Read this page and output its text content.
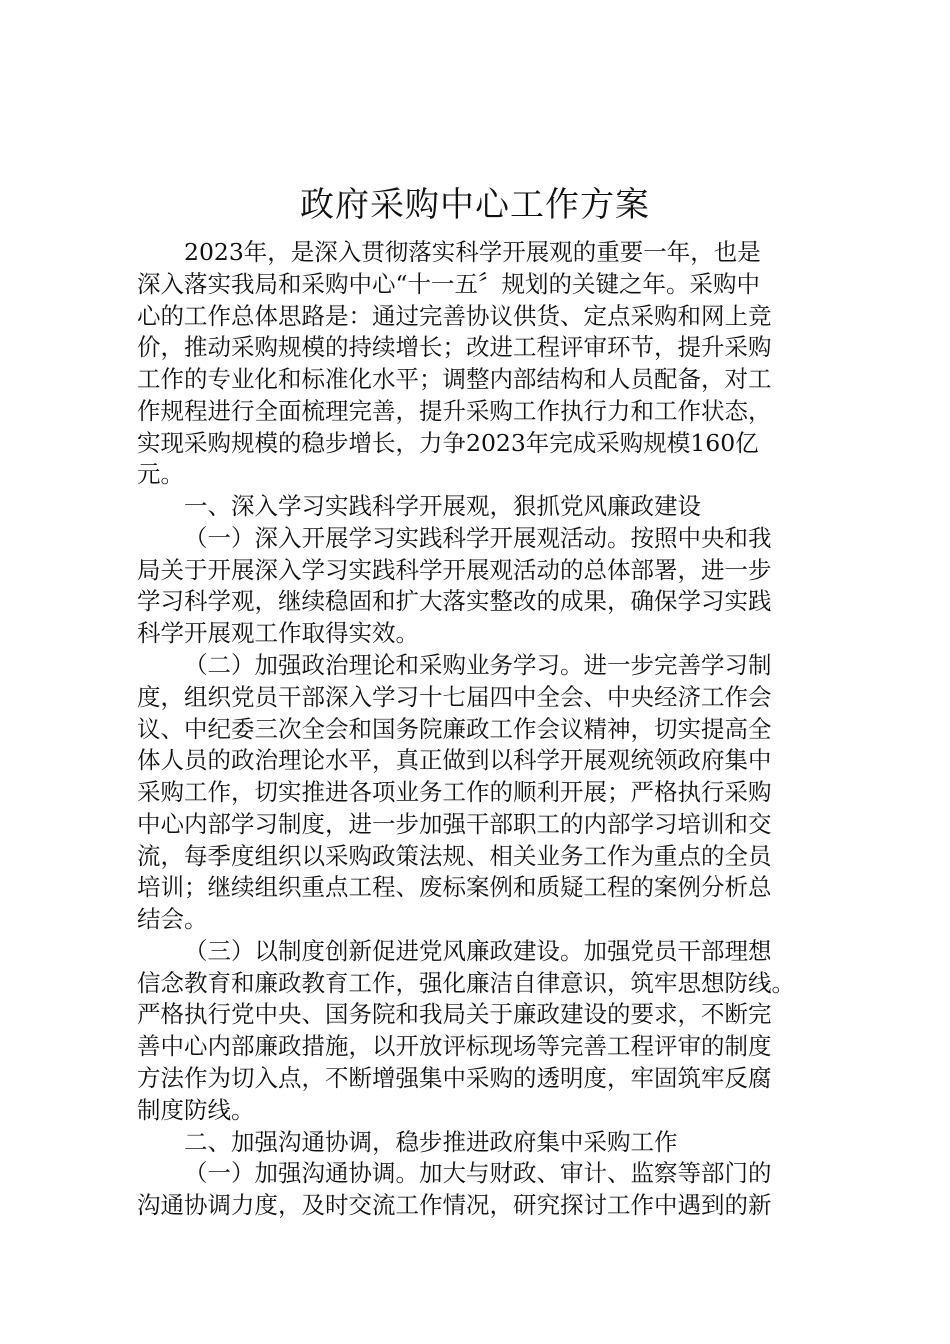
政府采购中心工作方案
2023年，是深入贯彻落实科学开展观的重要一年，也是
深入落实我局和采购中心“十一五〞规划的关键之年。采购中
心的工作总体思路是：通过完善协议供货、定点采购和网上竞
价，推动采购规模的持续增长；改进工程评审环节，提升采购
工作的专业化和标准化水平；调整内部结构和人员配备，对工
作规程进行全面梳理完善，提升采购工作执行力和工作状态，
实现采购规模的稳步增长，力争2023年完成采购规模160亿
元。
一、深入学习实践科学开展观，狠抓党风廉政建设
（一）深入开展学习实践科学开展观活动。按照中央和我
局关于开展深入学习实践科学开展观活动的总体部署，进一步
学习科学观，继续稳固和扩大落实整改的成果，确保学习实践
科学开展观工作取得实效。
（二）加强政治理论和采购业务学习。进一步完善学习制
度，组织党员干部深入学习十七届四中全会、中央经济工作会
议、中纪委三次全会和国务院廉政工作会议精神，切实提高全
体人员的政治理论水平，真正做到以科学开展观统领政府集中
采购工作，切实推进各项业务工作的顺利开展；严格执行采购
中心内部学习制度，进一步加强干部职工的内部学习培训和交
流，每季度组织以采购政策法规、相关业务工作为重点的全员
培训；继续组织重点工程、废标案例和质疑工程的案例分析总
结会。
（三）以制度创新促进党风廉政建设。加强党员干部理想
信念教育和廉政教育工作，强化廉洁自律意识，筑牢思想防线。
严格执行党中央、国务院和我局关于廉政建设的要求，不断完
善中心内部廉政措施，以开放评标现场等完善工程评审的制度
方法作为切入点，不断增强集中采购的透明度，牢固筑牢反腐
制度防线。
二、加强沟通协调，稳步推进政府集中采购工作
（一）加强沟通协调。加大与财政、审计、监察等部门的
沟通协调力度，及时交流工作情况，研究探讨工作中遇到的新
